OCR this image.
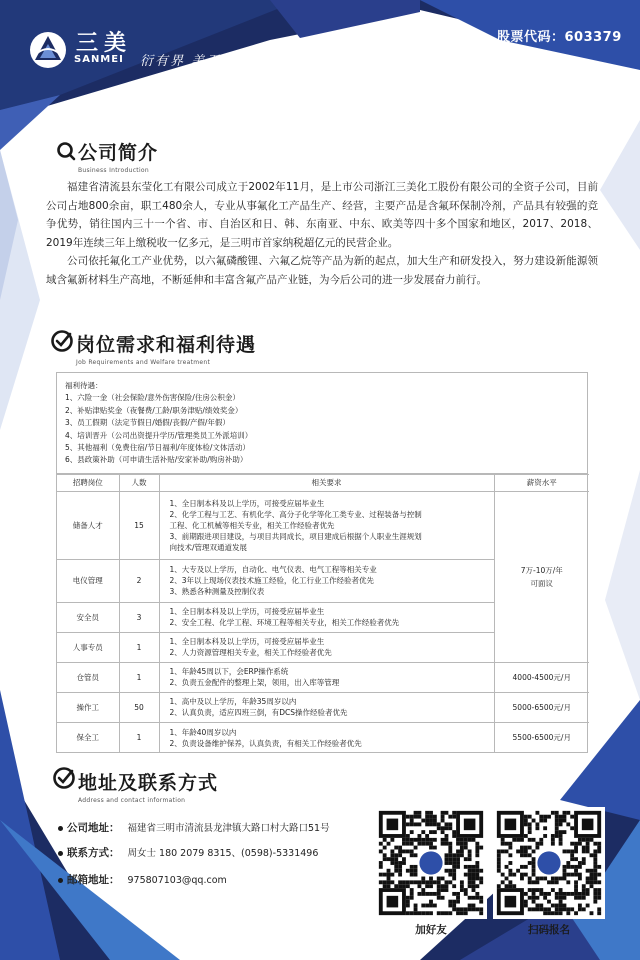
三美
SANMEI 衍有界 美无限
股票代码：603379
公司简介
Business Introduction

福建省清流县东莹化工有限公司成立于2002年11月，是上市公司浙江三美化工股份有限公司的全资子公司，目前公司占地800余亩，职工480余人，专业从事氟化工产品生产、经营，主要产品是含氟环保制冷剂，产品具有较强的竞争优势，销往国内三十一个省、市、自治区和日、韩、东南亚、中东、欧美等四十多个国家和地区，2017、2018、2019年连续三年上缴税收一亿多元，是三明市首家纳税超亿元的民营企业。

公司依托氟化工产业优势，以六氟磷酸锂、六氟乙烷等产品为新的起点，加大生产和研发投入，努力建设新能源领域含氟新材料生产高地，不断延伸和丰富含氟产品产业链，为今后公司的进一步发展奋力前行。

岗位需求和福利待遇
Job Requirements and Welfare treatment
福利待遇：
1、六险一金（社会保险/意外伤害保险/住房公积金）
2、补贴津贴奖金（夜餐费/工龄/职务津贴/绩效奖金）
3、员工假期（法定节假日/婚假/丧假/产假/年假）
4、培训晋升（公司出资提升学历/管理类员工外派培训）
5、其他福利（免费住宿/节日福利/年度体检/文体活动）
6、县政策补助（可申请生活补贴/安家补助/购房补助）
招聘岗位	人数	相关要求	薪资水平
储备人才	15	1、全日制本科及以上学历，可接受应届毕业生
2、化学工程与工艺、有机化学、高分子化学等化工类专业、过程装备与控制
工程、化工机械等相关专业，相关工作经验者优先
3、前期跟进项目建设，与项目共同成长，项目建成后根据个人职业生涯规划
向技术/管理双通道发展	7万-10万/年
可面议

电仪管理	2	1、大专及以上学历，自动化、电气仪表、电气工程等相关专业
2、3年以上现场仪表技术施工经验，化工行业工作经验者优先
3、熟悉各种测量及控制仪表	

安全员	3	1、全日制本科及以上学历，可接受应届毕业生
2、安全工程、化学工程、环境工程等相关专业，相关工作经验者优先	

人事专员	1	1、全日制本科及以上学历，可接受应届毕业生
2、人力资源管理相关专业，相关工作经验者优先	

仓管员	1	1、年龄45周以下，会ERP操作系统
2、负责五金配件的整理上架，领用，出入库等管理	4000-4500元/月
操作工	50	1、高中及以上学历，年龄35周岁以内
2、认真负责，适应四班三倒，有DCS操作经验者优先	5000-6500元/月
保全工	1	1、年龄40周岁以内
2、负责设备维护保养，认真负责，有相关工作经验者优先	5500-6500元/月
地址及联系方式
Address and contact information
公司地址： 福建省三明市清流县龙津镇大路口村大路口51号
联系方式： 周女士 180 2079 8315、(0598)-5331496
邮箱地址： 975807103@qq.com
加好友	扫码报名
